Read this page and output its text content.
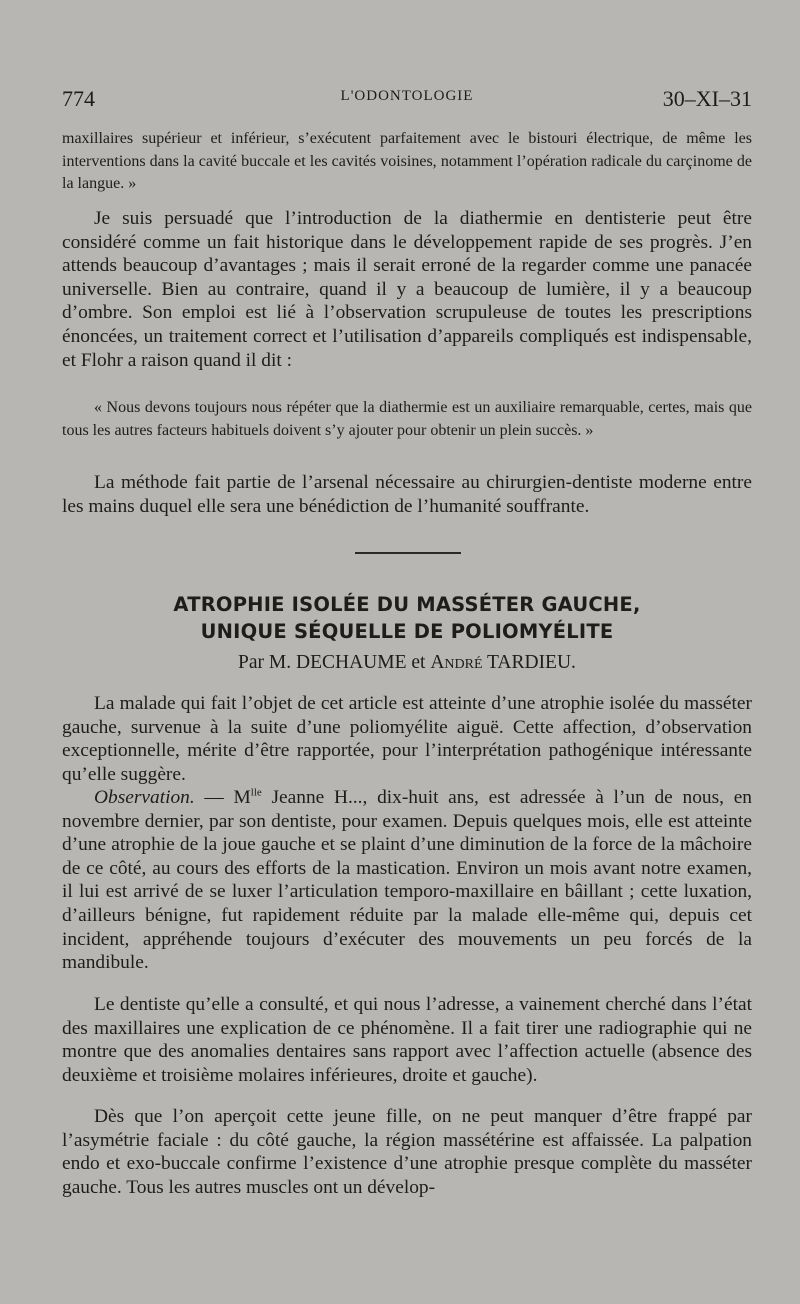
774	L'ODONTOLOGIE	30–XI–31
maxillaires supérieur et inférieur, s’exécutent parfaitement avec le bistouri électrique, de même les interventions dans la cavité buccale et les cavités voisines, notamment l’opération radicale du carçinome de la langue. »
Je suis persuadé que l’introduction de la diathermie en dentisterie peut être considéré comme un fait historique dans le développement rapide de ses progrès. J’en attends beaucoup d’avantages ; mais il serait erroné de la regarder comme une panacée universelle. Bien au contraire, quand il y a beaucoup de lumière, il y a beaucoup d’ombre. Son emploi est lié à l’observation scrupuleuse de toutes les prescriptions énoncées, un traitement correct et l’utilisation d’appareils compliqués est indispensable, et Flohr a raison quand il dit :
« Nous devons toujours nous répéter que la diathermie est un auxiliaire remarquable, certes, mais que tous les autres facteurs habituels doivent s’y ajouter pour obtenir un plein succès. »
La méthode fait partie de l’arsenal nécessaire au chirurgien-dentiste moderne entre les mains duquel elle sera une bénédiction de l’humanité souffrante.
ATROPHIE ISOLÉE DU MASSÉTER GAUCHE,
UNIQUE SÉQUELLE DE POLIOMYÉLITE
Par M. DECHAUME et André TARDIEU.
La malade qui fait l’objet de cet article est atteinte d’une atrophie isolée du masséter gauche, survenue à la suite d’une poliomyélite aiguë. Cette affection, d’observation exceptionnelle, mérite d’être rapportée, pour l’interprétation pathogénique intéressante qu’elle suggère.
Observation. — $M^{lle}$ Jeanne H..., dix-huit ans, est adressée à l’un de nous, en novembre dernier, par son dentiste, pour examen. Depuis quelques mois, elle est atteinte d’une atrophie de la joue gauche et se plaint d’une diminution de la force de la mâchoire de ce côté, au cours des efforts de la mastication. Environ un mois avant notre examen, il lui est arrivé de se luxer l’articulation temporo-maxillaire en bâillant ; cette luxation, d’ailleurs bénigne, fut rapidement réduite par la malade elle-même qui, depuis cet incident, appréhende toujours d’exécuter des mouvements un peu forcés de la mandibule.
Le dentiste qu’elle a consulté, et qui nous l’adresse, a vainement cherché dans l’état des maxillaires une explication de ce phénomène. Il a fait tirer une radiographie qui ne montre que des anomalies dentaires sans rapport avec l’affection actuelle (absence des deuxième et troisième molaires inférieures, droite et gauche).
Dès que l’on aperçoit cette jeune fille, on ne peut manquer d’être frappé par l’asymétrie faciale : du côté gauche, la région massétérine est affaissée. La palpation endo et exo-buccale confirme l’existence d’une atrophie presque complète du masséter gauche. Tous les autres muscles ont un dévelop-
